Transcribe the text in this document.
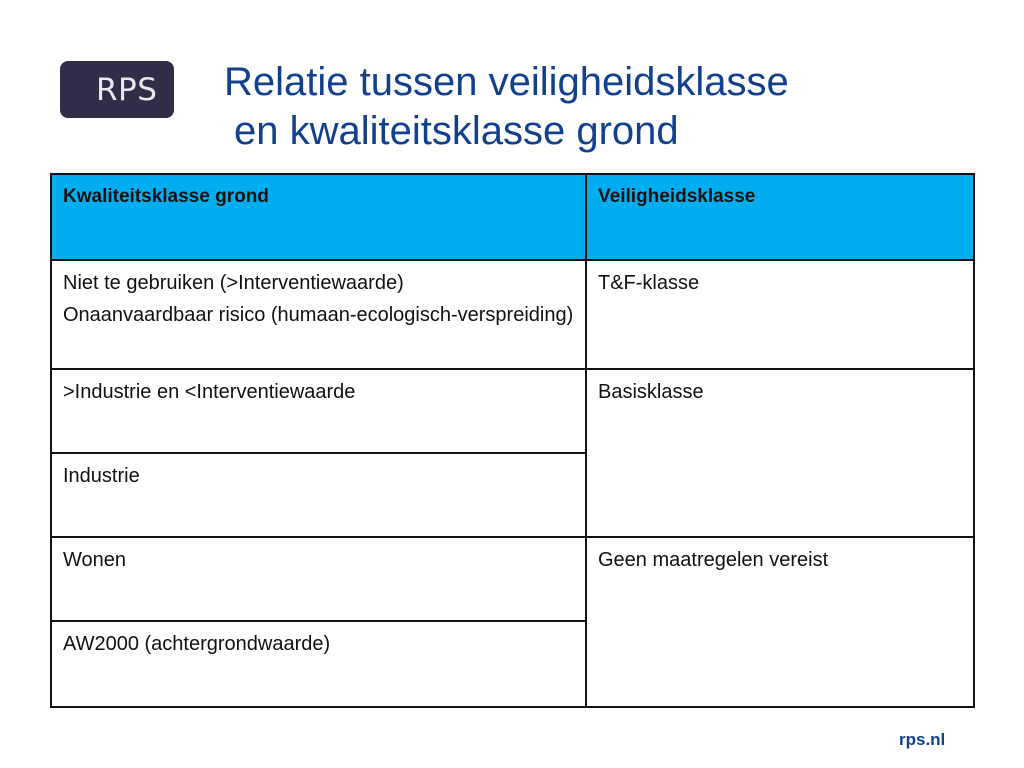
RPS Relatie tussen veiligheidsklasse
en kwaliteitsklasse grond
Kwaliteitsklasse grond	Veiligheidsklasse

Niet te gebruiken (>Interventiewaarde)
Onaanvaardbaar risico (humaan-ecologisch-verspreiding)	T&F-klasse
>Industrie en <Interventiewaarde	Basisklasse
Industrie	
Wonen	Geen maatregelen vereist
AW2000 (achtergrondwaarde)	
rps.nl
